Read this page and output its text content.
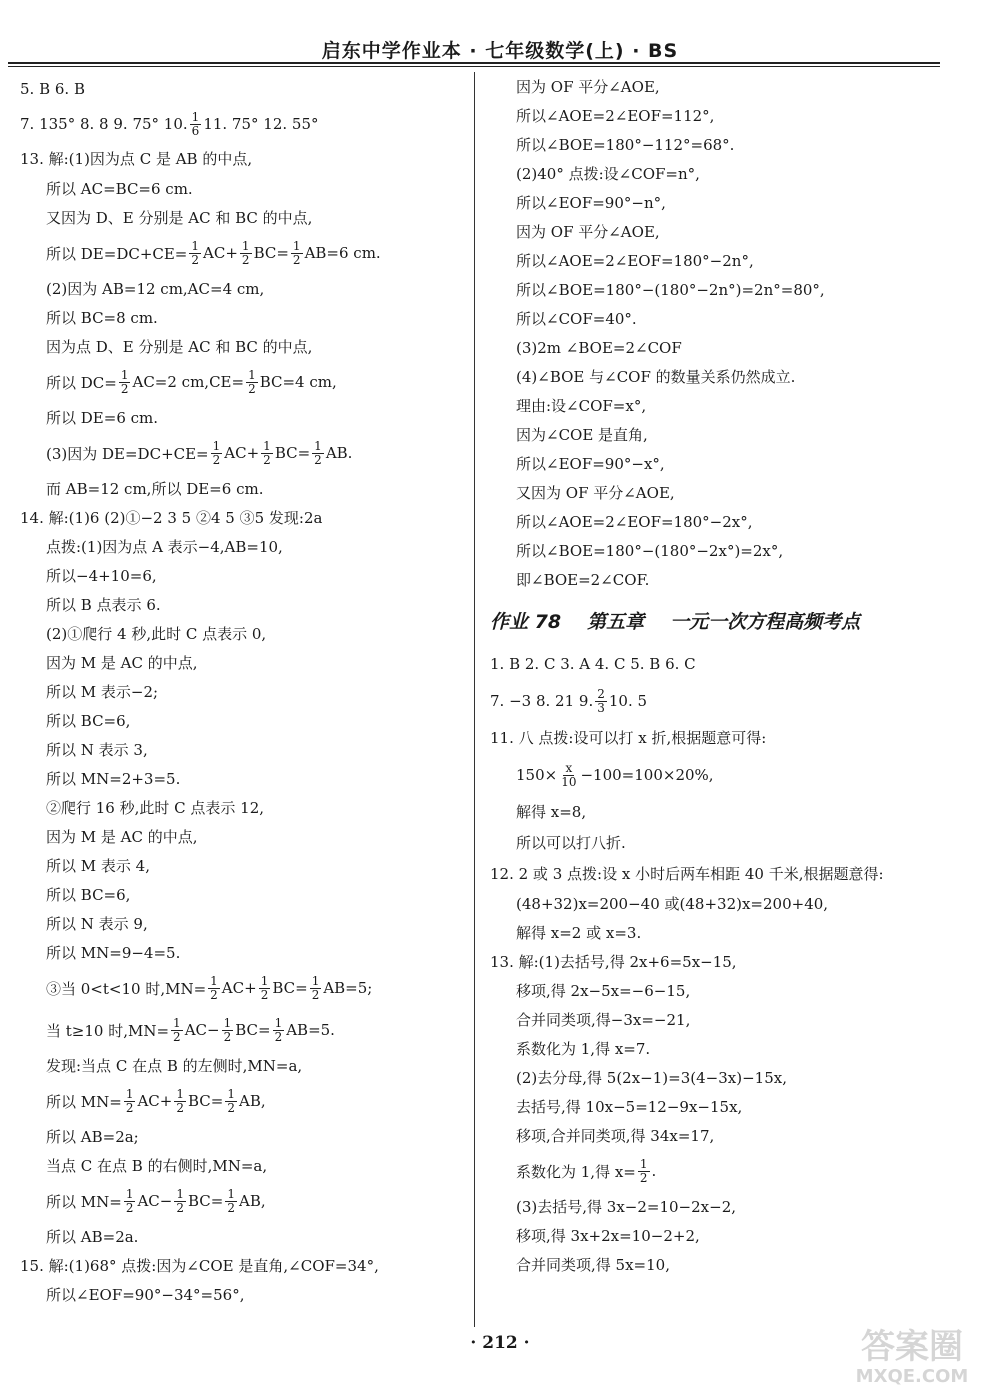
启东中学作业本 · 七年级数学(上) · BS
5. B 6. B
7. 135° 8. 8 9. 75° 10. $\frac{1}{6} 11$. 75° 12. 55°
13. 解:(1)因为点 C 是 AB 的中点,
所以 AC=BC=6 cm.
又因为 D、E 分别是 AC 和 BC 的中点,
所以 $DE=DC+CE= \frac{1}{2} AC+ \frac{1}{2} BC= \frac{1}{2} AB=6$ cm.
(2)因为 AB=12 cm,AC=4 cm,
所以 BC=8 cm.
因为点 D、E 分别是 AC 和 BC 的中点,
所以 $DC= \frac{1}{2} AC=2$ $cm,CE= \frac{1}{2} BC=4$ cm,
所以 DE=6 cm.
(3)因为 $DE=DC+CE= \frac{1}{2} AC+ \frac{1}{2} BC= \frac{1}{2}$ AB.
而 AB=12 cm,所以 DE=6 cm.
14. 解:(1)6 (2)①−2 3 5 ②4 5 ③5 发现:2a
点拨:(1)因为点 A 表示−4,AB=10,
所以−4+10=6,
所以 B 点表示 6.
(2)①爬行 4 秒,此时 C 点表示 0,
因为 M 是 AC 的中点,
所以 M 表示−2;
所以 BC=6,
所以 N 表示 3,
所以 MN=2+3=5.
②爬行 16 秒,此时 C 点表示 12,
因为 M 是 AC 的中点,
所以 M 表示 4,
所以 BC=6,
所以 N 表示 9,
所以 MN=9−4=5.
③当 0<t<10 时$,MN= \frac{1}{2} AC+ \frac{1}{2} BC= \frac{1}{2} AB=5$;
当 t≥10 时$,MN= \frac{1}{2} AC- \frac{1}{2} BC= \frac{1}{2} AB=5$.
发现:当点 C 在点 B 的左侧时,MN=a,
所以 $MN= \frac{1}{2} AC+ \frac{1}{2} BC= \frac{1}{2}$ AB,
所以 AB=2a;
当点 C 在点 B 的右侧时,MN=a,
所以 $MN= \frac{1}{2} AC- \frac{1}{2} BC= \frac{1}{2}$ AB,
所以 AB=2a.
15. 解:(1)68° 点拨:因为∠COE 是直角,∠COF=34°,
所以∠EOF=90°−34°=56°,
因为 OF 平分∠AOE,
所以∠AOE=2∠EOF=112°,
所以∠BOE=180°−112°=68°.
(2)40° 点拨:设∠COF=n°,
所以∠EOF=90°−n°,
因为 OF 平分∠AOE,
所以∠AOE=2∠EOF=180°−2n°,
所以∠BOE=180°−(180°−2n°)=2n°=80°,
所以∠COF=40°.
(3)2m ∠BOE=2∠COF
(4)∠BOE 与∠COF 的数量关系仍然成立.
理由:设∠COF=x°,
因为∠COE 是直角,
所以∠EOF=90°−x°,
又因为 OF 平分∠AOE,
所以∠AOE=2∠EOF=180°−2x°,
所以∠BOE=180°−(180°−2x°)=2x°,
即∠BOE=2∠COF.
作业 78 第五章 一元一次方程高频考点
1. B 2. C 3. A 4. C 5. B 6. C
7. −3 8. 21 9. $\frac{2}{3} 10$. 5
11. 八 点拨:设可以打 x 折,根据题意可得:
$150\times \frac{x}{10} -100=100\times 20\%$,
解得 x=8,
所以可以打八折.
12. 2 或 3 点拨:设 x 小时后两车相距 40 千米,根据题意得:
(48+32)x=200−40 或(48+32)x=200+40,
解得 x=2 或 x=3.
13. 解:(1)去括号,得 2x+6=5x−15,
移项,得 2x−5x=−6−15,
合并同类项,得−3x=−21,
系数化为 1,得 x=7.
(2)去分母,得 5(2x−1)=3(4−3x)−15x,
去括号,得 10x−5=12−9x−15x,
移项,合并同类项,得 34x=17,
系数化为 1,得 $x= \frac{1}{2}$ .
(3)去括号,得 3x−2=10−2x−2,
移项,得 3x+2x=10−2+2,
合并同类项,得 5x=10,
· 212 ·	答案圈
MXQE.COM
